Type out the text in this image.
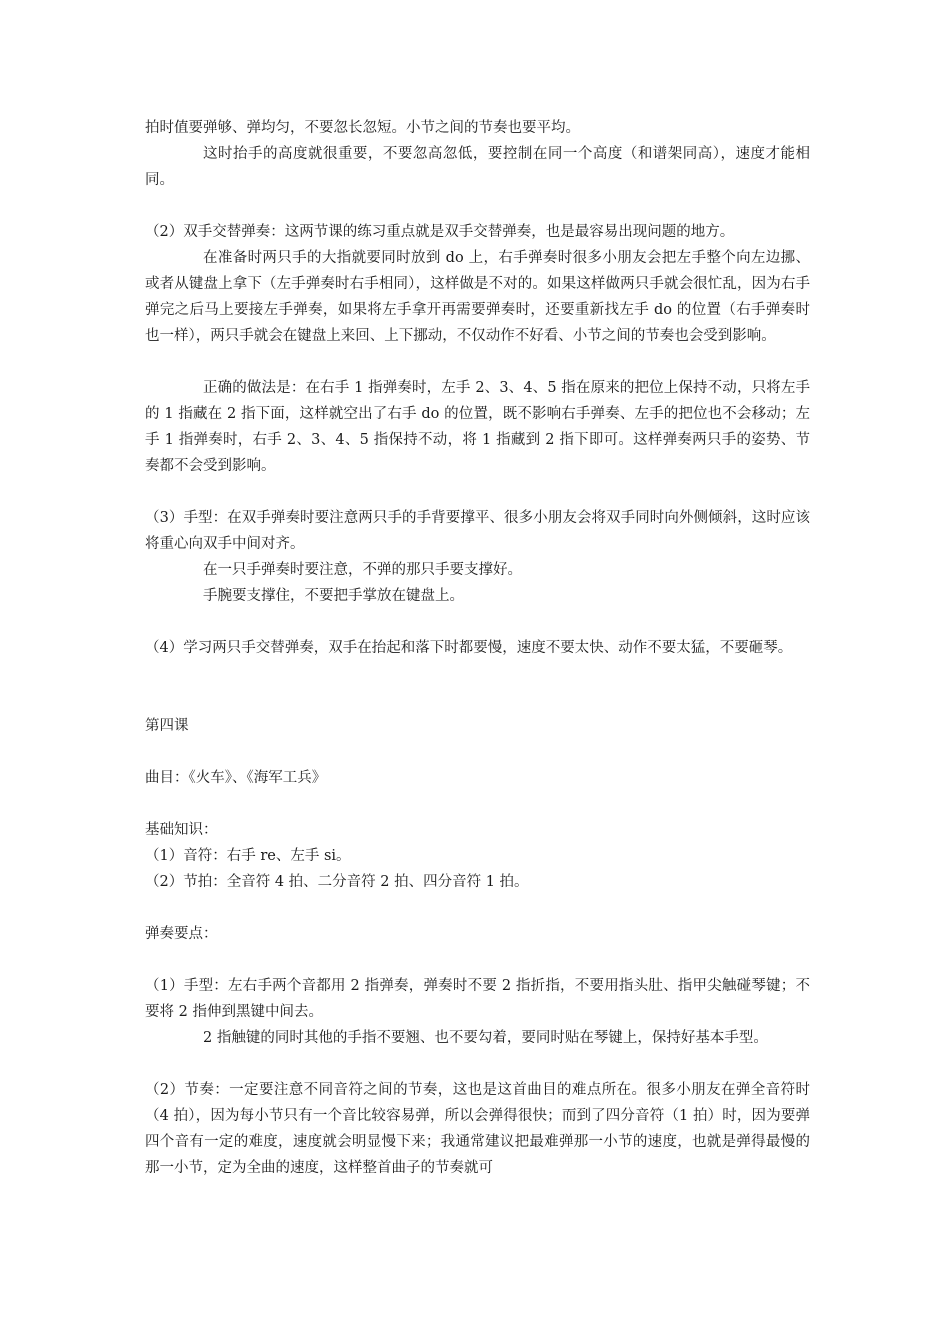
拍时值要弹够、弹均匀，不要忽长忽短。小节之间的节奏也要平均。

这时抬手的高度就很重要，不要忽高忽低，要控制在同一个高度（和谱架同高），速度才能相同。

（2）双手交替弹奏：这两节课的练习重点就是双手交替弹奏，也是最容易出现问题的地方。

在准备时两只手的大指就要同时放到 do 上，右手弹奏时很多小朋友会把左手整个向左边挪、或者从键盘上拿下（左手弹奏时右手相同），这样做是不对的。如果这样做两只手就会很忙乱，因为右手弹完之后马上要接左手弹奏，如果将左手拿开再需要弹奏时，还要重新找左手 do 的位置（右手弹奏时也一样），两只手就会在键盘上来回、上下挪动，不仅动作不好看、小节之间的节奏也会受到影响。

正确的做法是：在右手 1 指弹奏时，左手 2、3、4、5 指在原来的把位上保持不动，只将左手的 1 指藏在 2 指下面，这样就空出了右手 do 的位置，既不影响右手弹奏、左手的把位也不会移动；左手 1 指弹奏时，右手 2、3、4、5 指保持不动，将 1 指藏到 2 指下即可。这样弹奏两只手的姿势、节奏都不会受到影响。

（3）手型：在双手弹奏时要注意两只手的手背要撑平、很多小朋友会将双手同时向外侧倾斜，这时应该将重心向双手中间对齐。

在一只手弹奏时要注意，不弹的那只手要支撑好。

手腕要支撑住，不要把手掌放在键盘上。

（4）学习两只手交替弹奏，双手在抬起和落下时都要慢，速度不要太快、动作不要太猛，不要砸琴。

第四课

曲目：《火车》、《海军工兵》

基础知识：

（1）音符：右手 re、左手 si。

（2）节拍：全音符 4 拍、二分音符 2 拍、四分音符 1 拍。

弹奏要点：

（1）手型：左右手两个音都用 2 指弹奏，弹奏时不要 2 指折指，不要用指头肚、指甲尖触碰琴键；不要将 2 指伸到黑键中间去。

2 指触键的同时其他的手指不要翘、也不要勾着，要同时贴在琴键上，保持好基本手型。

（2）节奏：一定要注意不同音符之间的节奏，这也是这首曲目的难点所在。很多小朋友在弹全音符时（4 拍），因为每小节只有一个音比较容易弹，所以会弹得很快；而到了四分音符（1 拍）时，因为要弹四个音有一定的难度，速度就会明显慢下来；我通常建议把最难弹那一小节的速度，也就是弹得最慢的那一小节，定为全曲的速度，这样整首曲子的节奏就可
